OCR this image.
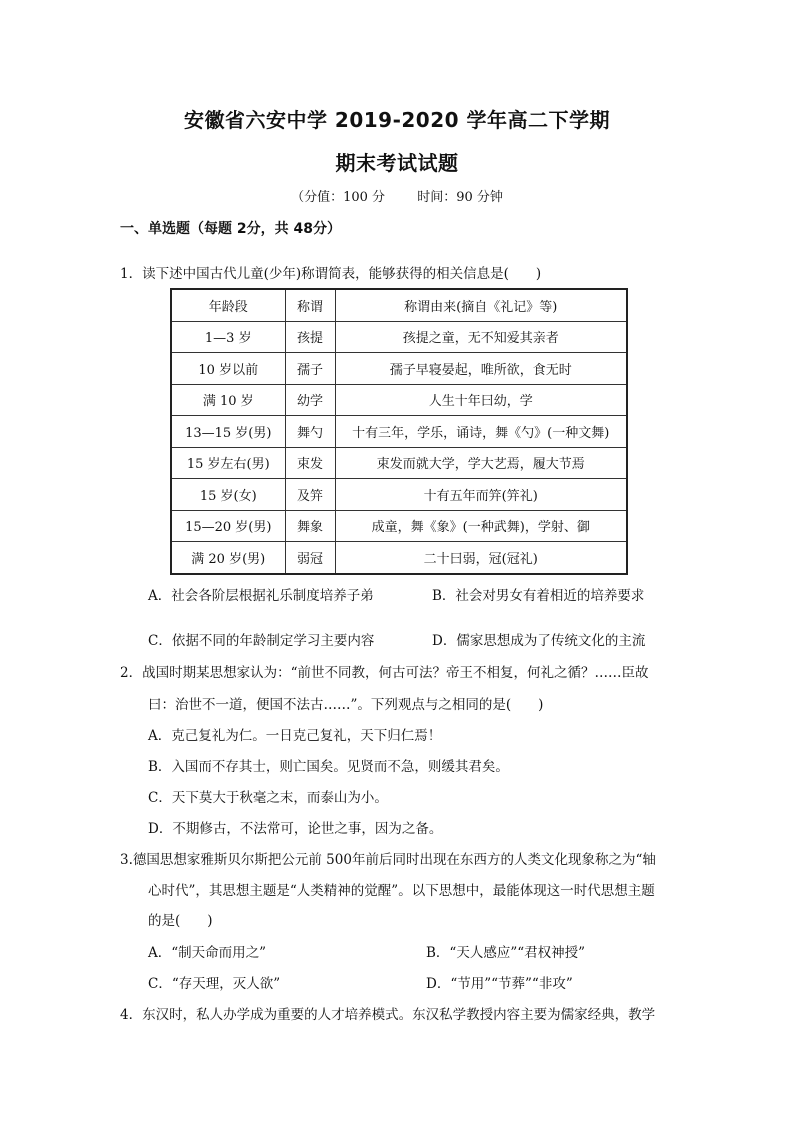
安徽省六安中学 2019-2020 学年高二下学期
期末考试试题
（分值：100 分 时间：90 分钟
一、单选题（每题 2分，共 48分）
1．读下述中国古代儿童(少年)称谓简表，能够获得的相关信息是(　　)
年龄段	称谓	称谓由来(摘自《礼记》等)
1—3 岁	孩提	孩提之童，无不知爱其亲者
10 岁以前	孺子	孺子早寝晏起，唯所欲，食无时
满 10 岁	幼学	人生十年曰幼，学
13—15 岁(男)	舞勺	十有三年，学乐，诵诗，舞《勺》(一种文舞)
15 岁左右(男)	束发	束发而就大学，学大艺焉，履大节焉
15 岁(女)	及笄	十有五年而笄(笄礼)
15—20 岁(男)	舞象	成童，舞《象》(一种武舞)，学射、御
满 20 岁(男)	弱冠	二十曰弱，冠(冠礼)
A．社会各阶层根据礼乐制度培养子弟	B．社会对男女有着相近的培养要求
C．依据不同的年龄制定学习主要内容	D．儒家思想成为了传统文化的主流
2．战国时期某思想家认为：“前世不同教，何古可法？帝王不相复，何礼之循？……臣故
曰：治世不一道，便国不法古……”。下列观点与之相同的是(　　)
A．克己复礼为仁。一日克己复礼，天下归仁焉！
B．入国而不存其士，则亡国矣。见贤而不急，则缓其君矣。
C．天下莫大于秋毫之末，而泰山为小。
D．不期修古，不法常可，论世之事，因为之备。
3.德国思想家雅斯贝尔斯把公元前 500年前后同时出现在东西方的人类文化现象称之为“轴
心时代”，其思想主题是“人类精神的觉醒”。以下思想中，最能体现这一时代思想主题
的是(　　)
A．“制天命而用之”	B．“天人感应”“君权神授”
C．“存天理，灭人欲”	D．“节用”“节葬”“非攻”
4．东汉时，私人办学成为重要的人才培养模式。东汉私学教授内容主要为儒家经典，教学
